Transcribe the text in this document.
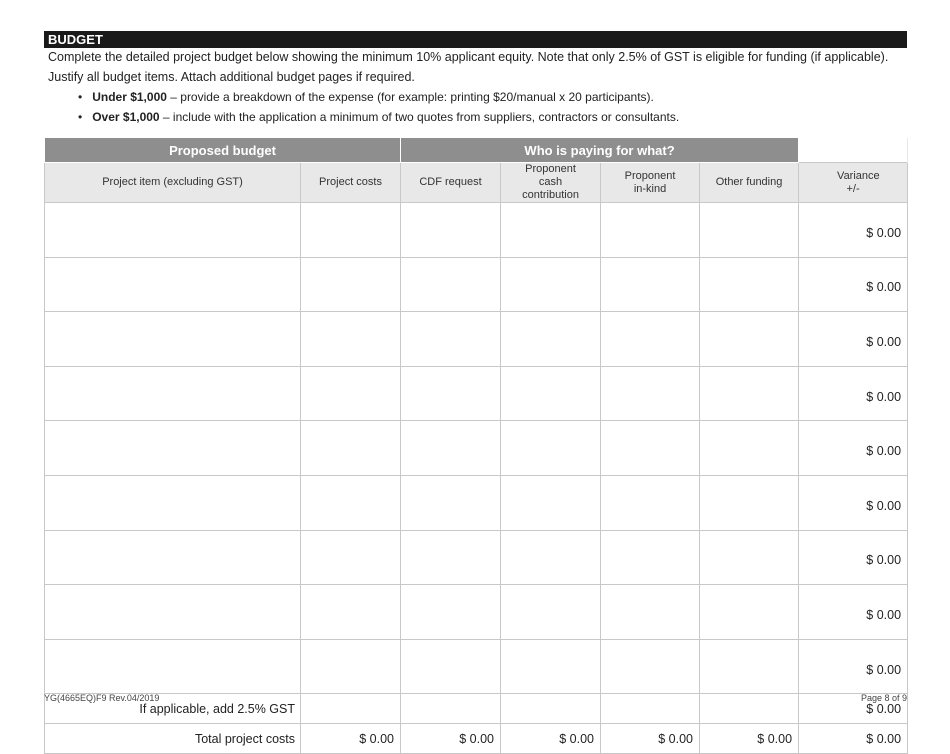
BUDGET
Complete the detailed project budget below showing the minimum 10% applicant equity. Note that only 2.5% of GST is eligible for funding (if applicable).
Justify all budget items. Attach additional budget pages if required.
• Under $1,000 – provide a breakdown of the expense (for example: printing $20/manual x 20 participants).
• Over $1,000 – include with the application a minimum of two quotes from suppliers, contractors or consultants.
Proposed budget		Who is paying for what?				
Project item (excluding GST)	Project costs	CDF request	Proponent cash contribution	Proponent in-kind	Other funding	Variance +/-
						$ 0.00
						$ 0.00
						$ 0.00
						$ 0.00
						$ 0.00
						$ 0.00
						$ 0.00
						$ 0.00
						$ 0.00
If applicable, add 2.5% GST						$ 0.00
Total project costs	$ 0.00	$ 0.00	$ 0.00	$ 0.00	$ 0.00	$ 0.00
YG(4665EQ)F9 Rev.04/2019	Page 8 of 9
